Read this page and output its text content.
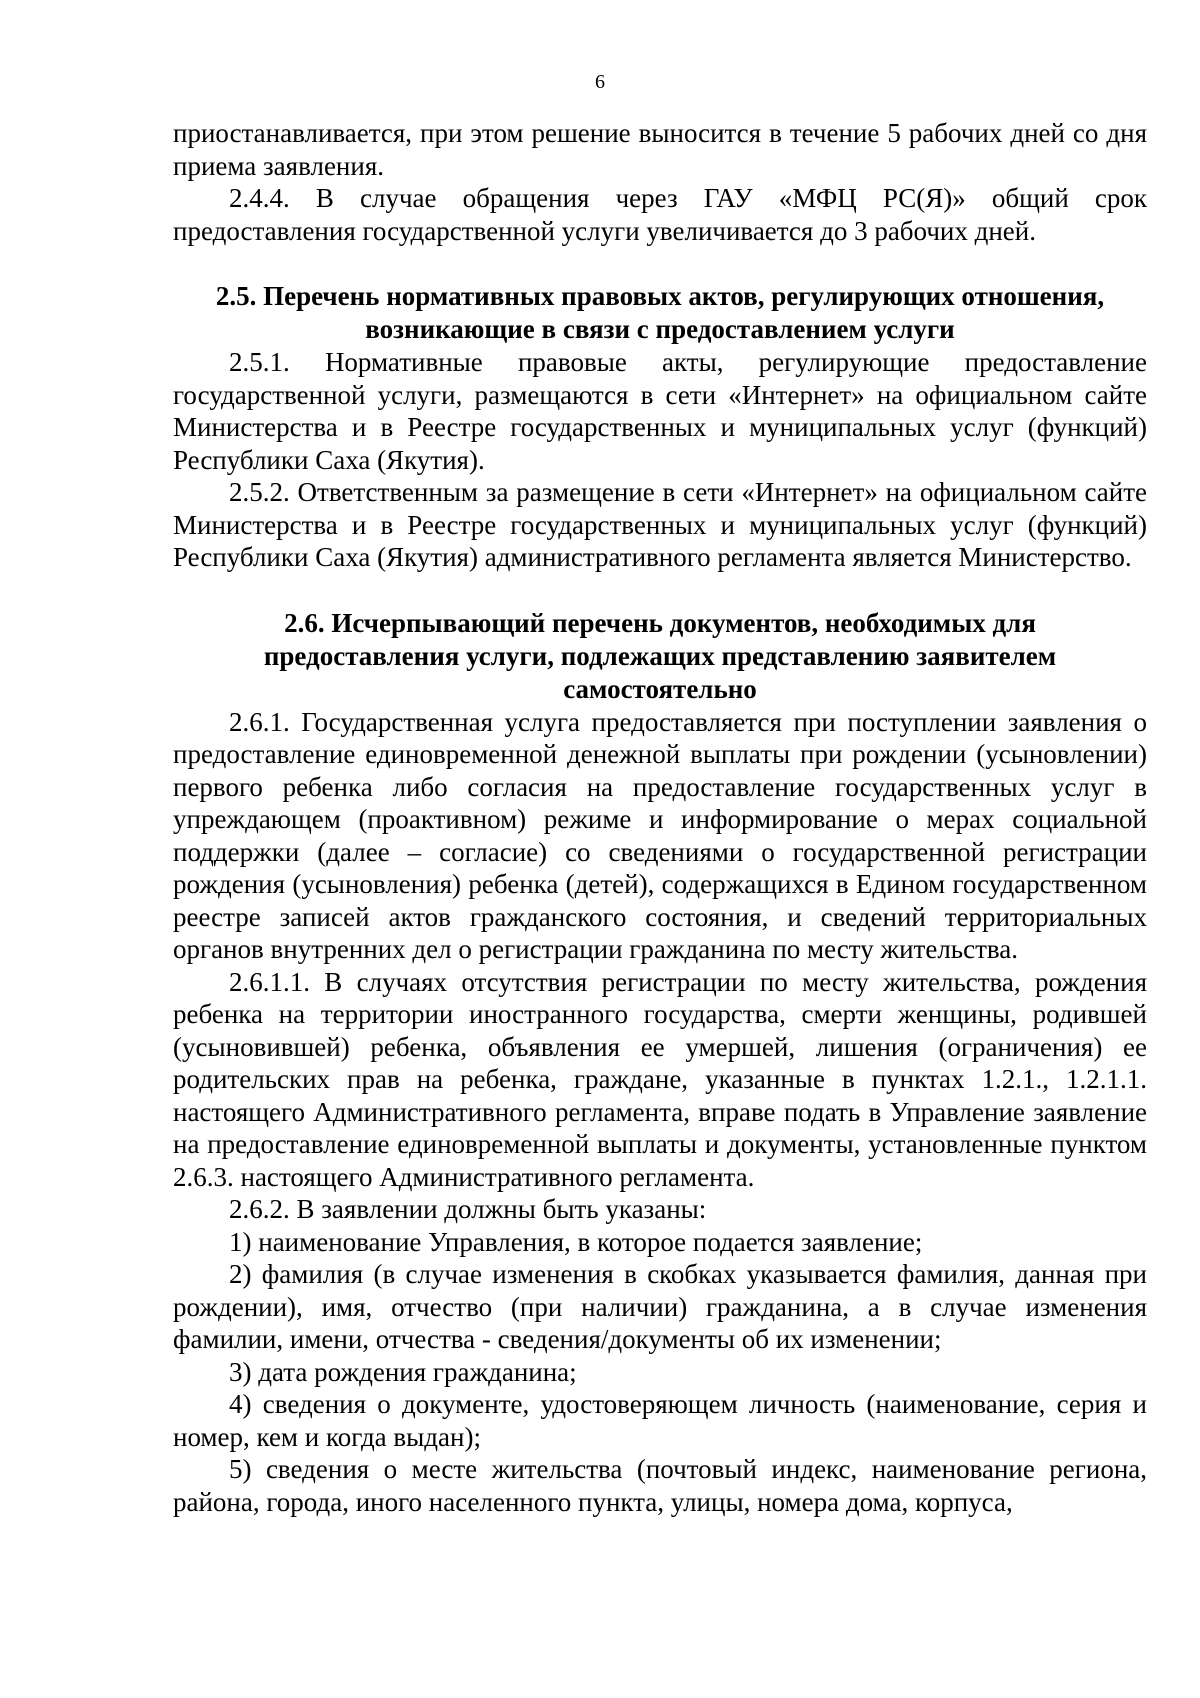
6

приостанавливается, при этом решение выносится в течение 5 рабочих дней со дня приема заявления.

2.4.4. В случае обращения через ГАУ «МФЦ РС(Я)» общий срок предоставления государственной услуги увеличивается до 3 рабочих дней.

2.5. Перечень нормативных правовых актов, регулирующих отношения,
возникающие в связи с предоставлением услуги

2.5.1. Нормативные правовые акты, регулирующие предоставление государственной услуги, размещаются в сети «Интернет» на официальном сайте Министерства и в Реестре государственных и муниципальных услуг (функций) Республики Саха (Якутия).

2.5.2. Ответственным за размещение в сети «Интернет» на официальном сайте Министерства и в Реестре государственных и муниципальных услуг (функций) Республики Саха (Якутия) административного регламента является Министерство.

2.6. Исчерпывающий перечень документов, необходимых для
предоставления услуги, подлежащих представлению заявителем
самостоятельно

2.6.1. Государственная услуга предоставляется при поступлении заявления о предоставление единовременной денежной выплаты при рождении (усыновлении) первого ребенка либо согласия на предоставление государственных услуг в упреждающем (проактивном) режиме и информирование о мерах социальной поддержки (далее – согласие) со сведениями о государственной регистрации рождения (усыновления) ребенка (детей), содержащихся в Едином государственном реестре записей актов гражданского состояния, и сведений территориальных органов внутренних дел о регистрации гражданина по месту жительства.

2.6.1.1. В случаях отсутствия регистрации по месту жительства, рождения ребенка на территории иностранного государства, смерти женщины, родившей (усыновившей) ребенка, объявления ее умершей, лишения (ограничения) ее родительских прав на ребенка, граждане, указанные в пунктах 1.2.1., 1.2.1.1. настоящего Административного регламента, вправе подать в Управление заявление на предоставление единовременной выплаты и документы, установленные пунктом 2.6.3. настоящего Административного регламента.

2.6.2. В заявлении должны быть указаны:

1) наименование Управления, в которое подается заявление;

2) фамилия (в случае изменения в скобках указывается фамилия, данная при рождении), имя, отчество (при наличии) гражданина, а в случае изменения фамилии, имени, отчества - сведения/документы об их изменении;

3) дата рождения гражданина;

4) сведения о документе, удостоверяющем личность (наименование, серия и номер, кем и когда выдан);

5) сведения о месте жительства (почтовый индекс, наименование региона, района, города, иного населенного пункта, улицы, номера дома, корпуса,
